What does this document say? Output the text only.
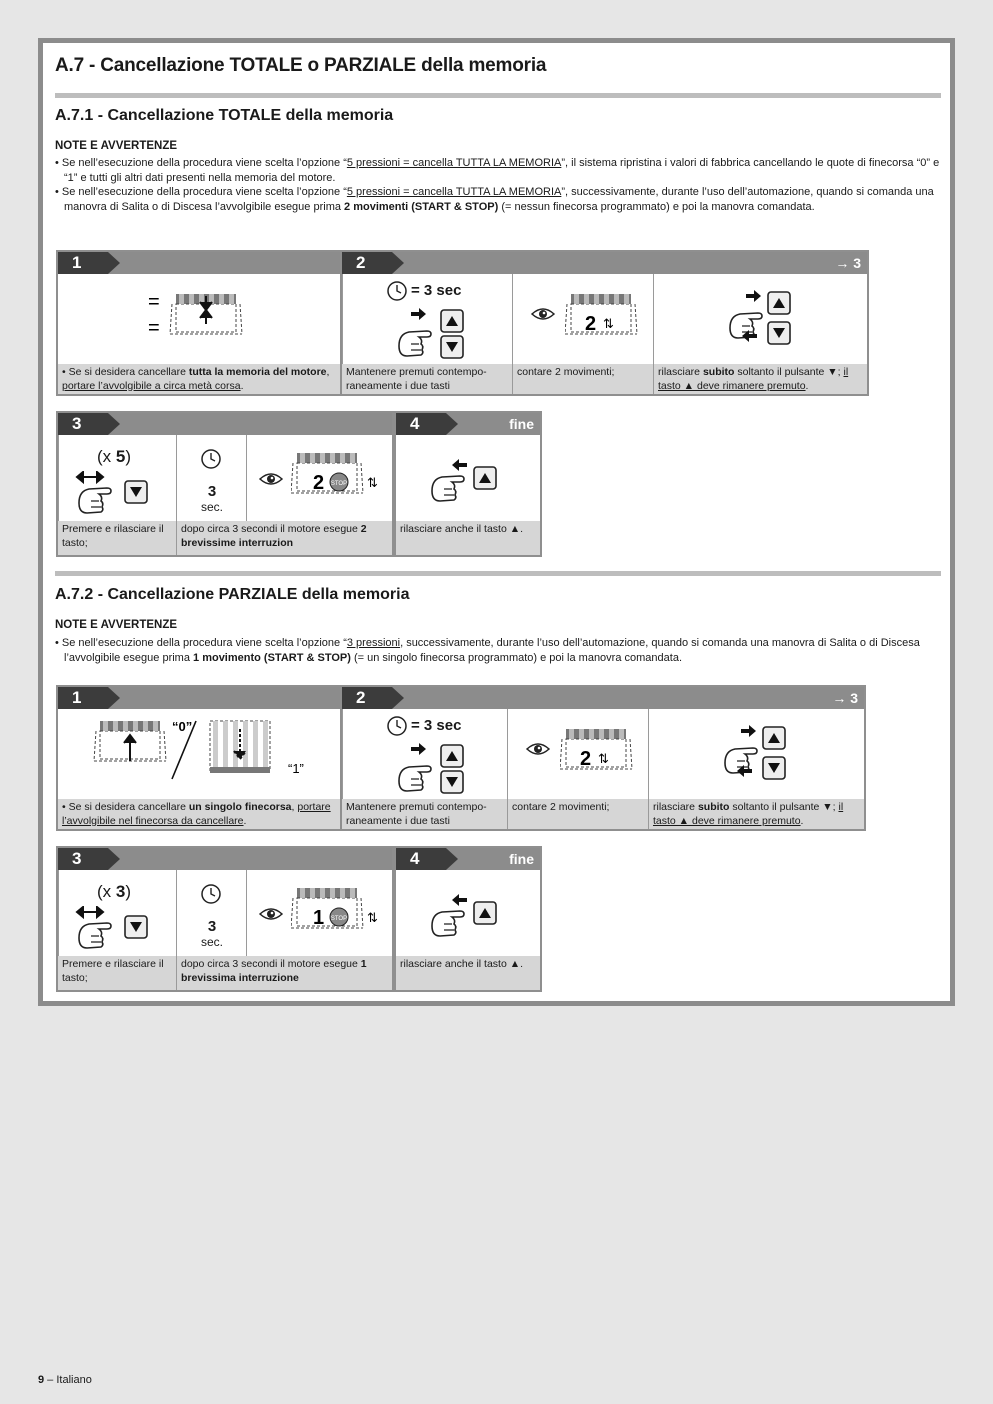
A.7 - Cancellazione TOTALE o PARZIALE della memoria
A.7.1 - Cancellazione TOTALE della memoria
NOTE E AVVERTENZE
• Se nell’esecuzione della procedura viene scelta l’opzione “5 pressioni = cancella TUTTA LA MEMORIA”, il sistema ripristina i valori di fabbrica cancellando le quote di finecorsa “0” e “1” e tutti gli altri dati presenti nella memoria del motore.
• Se nell’esecuzione della procedura viene scelta l’opzione “5 pressioni = cancella TUTTA LA MEMORIA”, successivamente, durante l’uso dell’automazione, quando si comanda una manovra di Salita o di Discesa l’avvolgibile esegue prima 2 movimenti (START & STOP) (= nessun finecorsa programmato) e poi la manovra comandata.
1
=
=
• Se si desidera cancellare tutta la memoria del motore, portare l’avvolgibile a circa metà corsa.
2	→ 3
= 3 sec
2 ⇅
Mantenere premuti contempo-raneamente i due tasti
contare 2 movimenti;	rilasciare subito soltanto il pulsante ▼; il tasto ▲ deve rimanere premuto.
3
(x 5)
3
sec.
2 STOP ⇅
Premere e rilasciare il tasto;
dopo circa 3 secondi il motore esegue 2 brevissime interruzion
4	fine
rilasciare anche il tasto ▲.
A.7.2 - Cancellazione PARZIALE della memoria
NOTE E AVVERTENZE
• Se nell’esecuzione della procedura viene scelta l’opzione “3 pressioni, successivamente, durante l’uso dell’automazione, quando si comanda una manovra di Salita o di Discesa l’avvolgibile esegue prima 1 movimento (START & STOP) (= un singolo finecorsa programmato) e poi la manovra comandata.
1
“0”
“1”
• Se si desidera cancellare un singolo finecorsa, portare l’avvolgibile nel finecorsa da cancellare.
2	→ 3
= 3 sec
2 ⇅
Mantenere premuti contempo-raneamente i due tasti
contare 2 movimenti;	rilasciare subito soltanto il pulsante ▼; il tasto ▲ deve rimanere premuto.
3
(x 3)
3
sec.
1 STOP ⇅
Premere e rilasciare il tasto;
dopo circa 3 secondi il motore esegue 1 brevissima interruzione
4	fine
rilasciare anche il tasto ▲.
9 – Italiano
